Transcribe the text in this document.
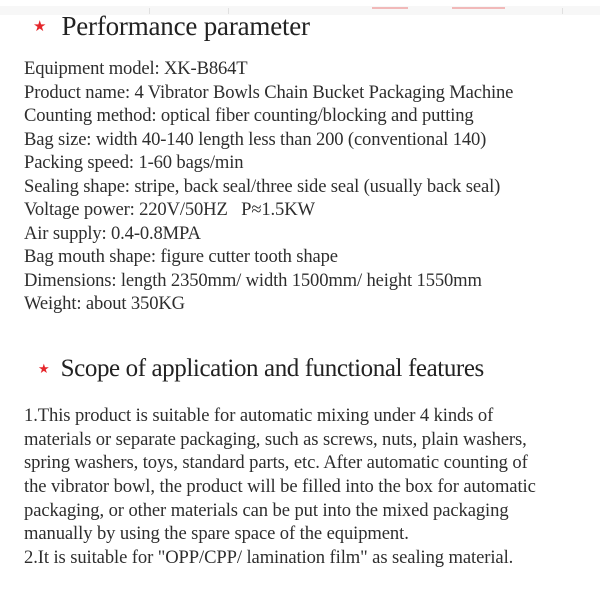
★ Performance parameter
Equipment model: XK-B864T
Product name: 4 Vibrator Bowls Chain Bucket Packaging Machine
Counting method: optical fiber counting/blocking and putting
Bag size: width 40-140 length less than 200 (conventional 140)
Packing speed: 1-60 bags/min
Sealing shape: stripe, back seal/three side seal (usually back seal)
Voltage power: 220V/50HZ   P≈1.5KW
Air supply: 0.4-0.8MPA
Bag mouth shape: figure cutter tooth shape
Dimensions: length 2350mm/ width 1500mm/ height 1550mm
Weight: about 350KG
★ Scope of application and functional features
1.This product is suitable for automatic mixing under 4 kinds of
materials or separate packaging, such as screws, nuts, plain washers,
spring washers, toys, standard parts, etc. After automatic counting of
the vibrator bowl, the product will be filled into the box for automatic
packaging, or other materials can be put into the mixed packaging
manually by using the spare space of the equipment.
2.It is suitable for "OPP/CPP/ lamination film" as sealing material.
